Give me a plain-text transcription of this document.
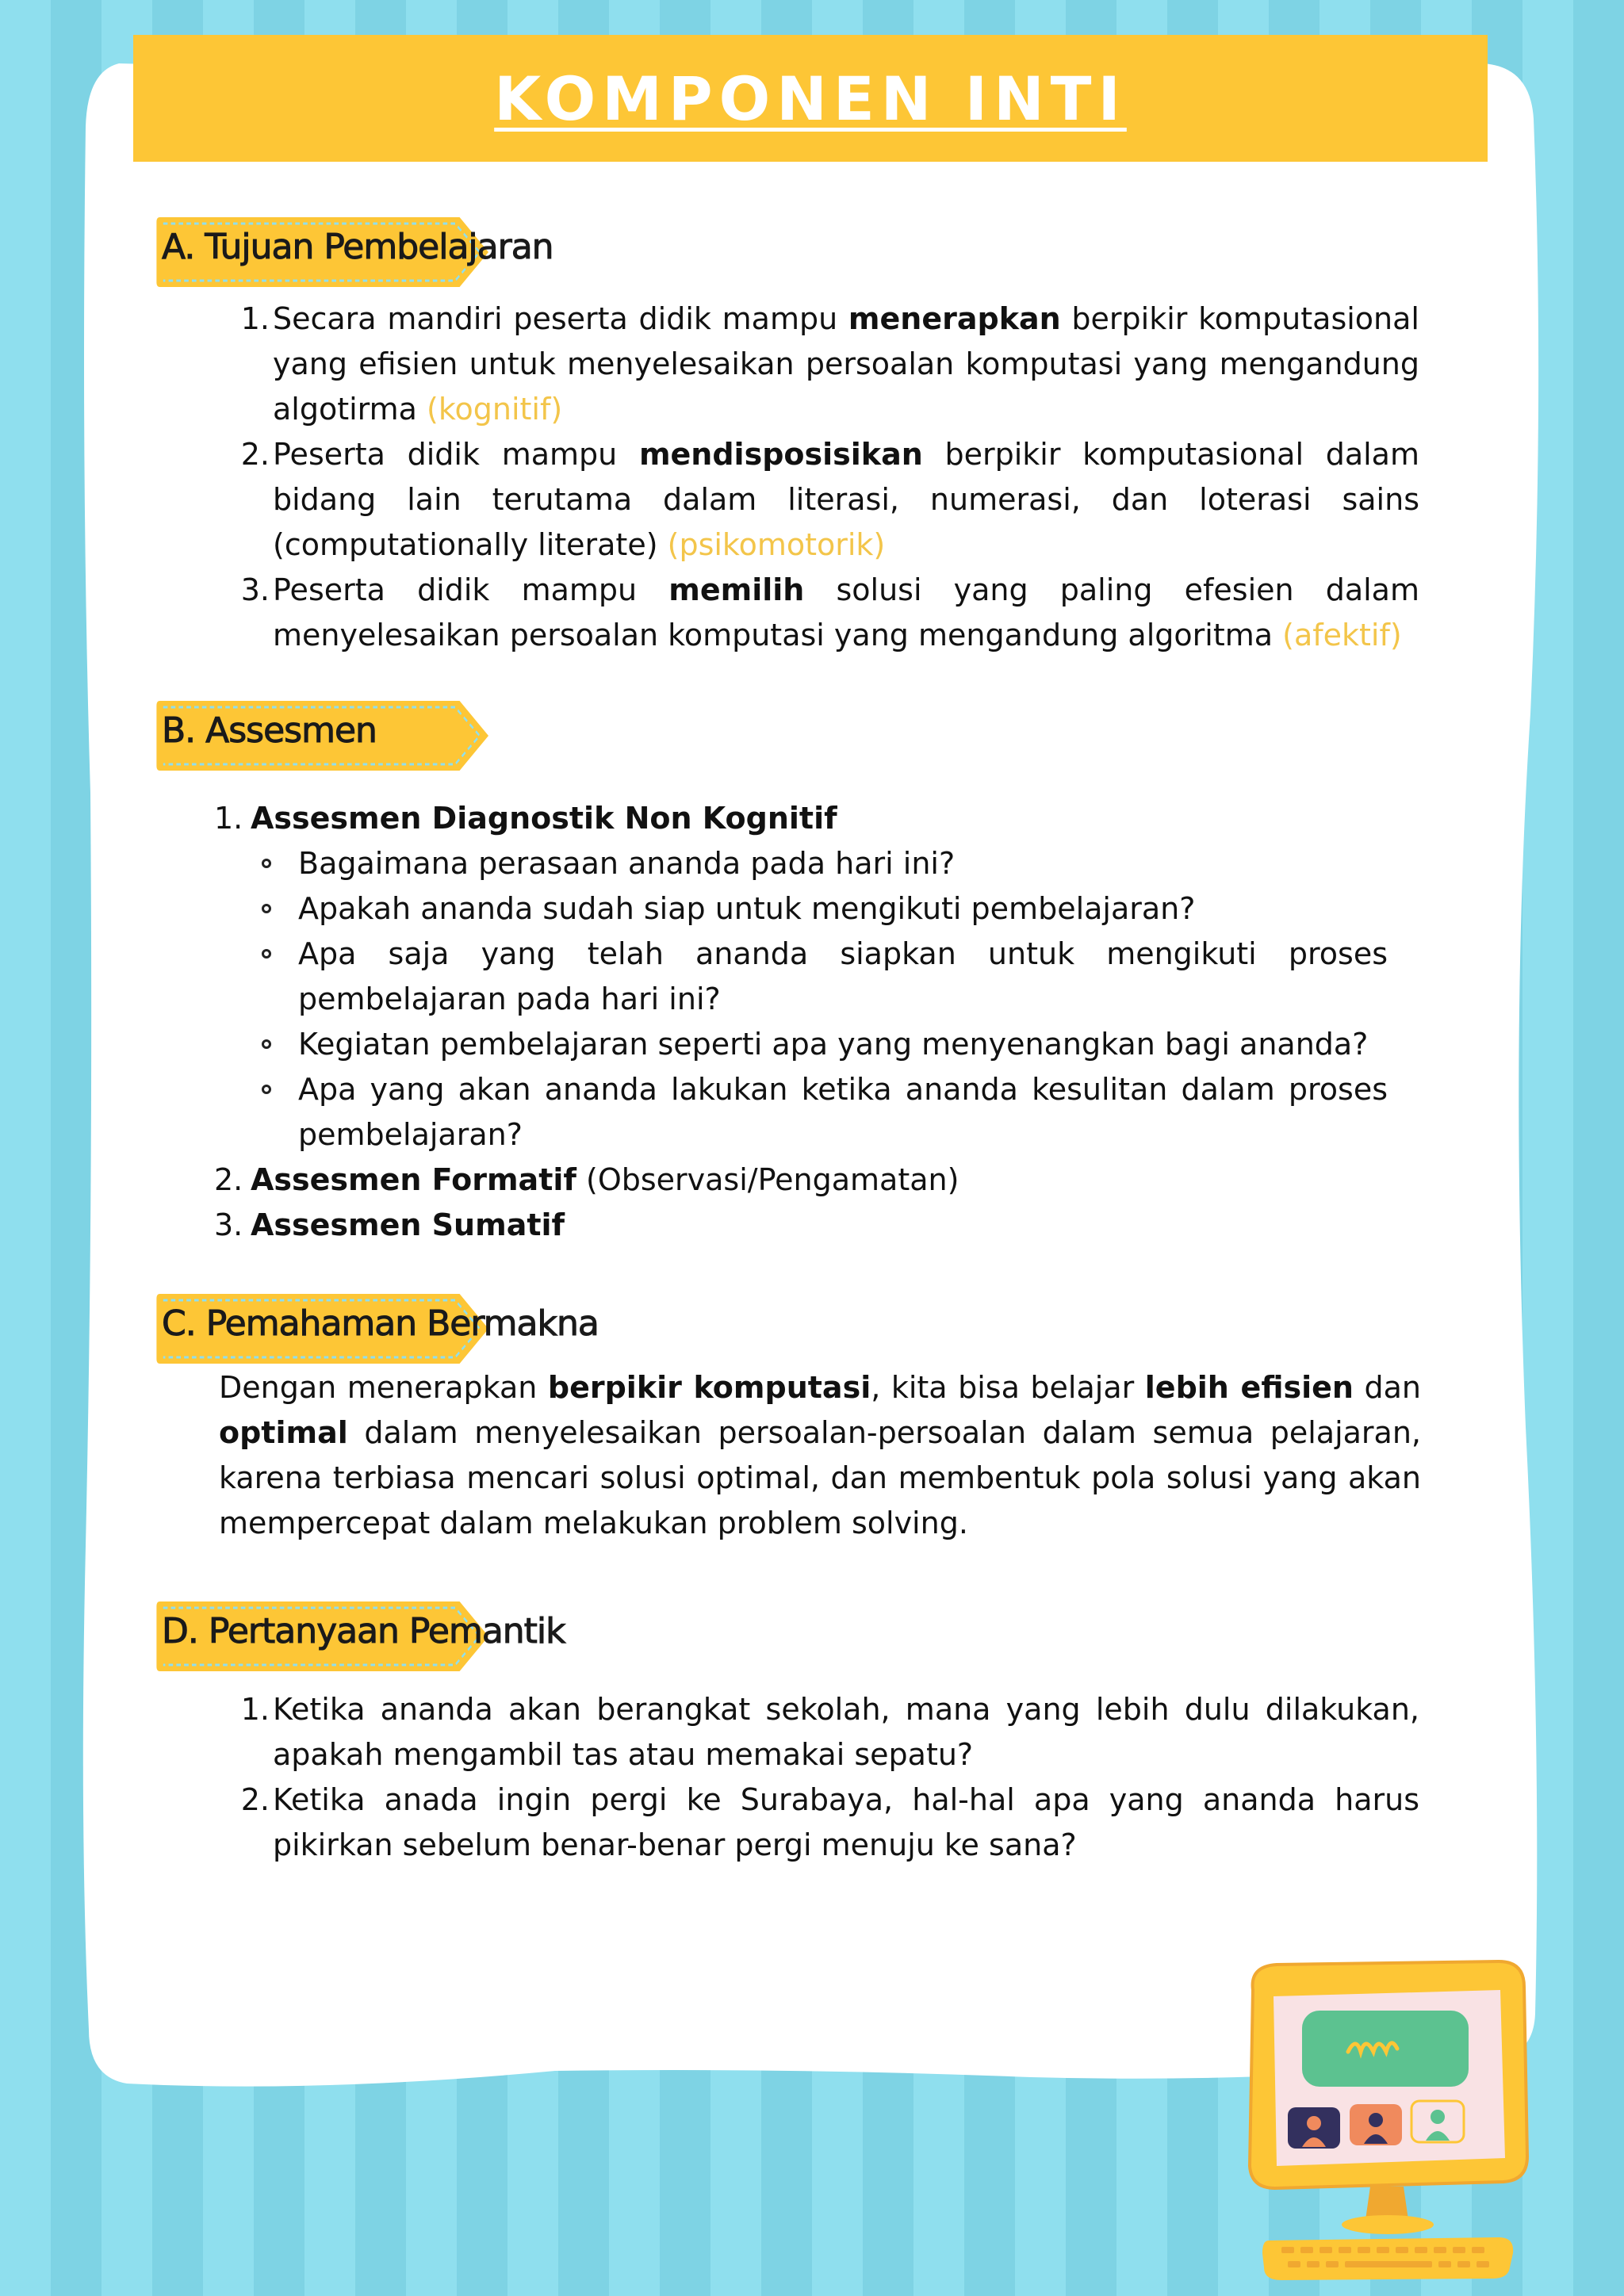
KOMPONEN INTI
A. Tujuan Pembelajaran
1. Secara mandiri peserta didik mampu menerapkan berpikir komputasional yang efisien untuk menyelesaikan persoalan komputasi yang mengandung algotirma (kognitif)
2. Peserta didik mampu mendisposisikan berpikir komputasional dalam bidang lain terutama dalam literasi, numerasi, dan loterasi sains (computationally literate) (psikomotorik)
3. Peserta didik mampu memilih solusi yang paling efesien dalam menyelesaikan persoalan komputasi yang mengandung algoritma (afektif)
B. Assesmen
1. Assesmen Diagnostik Non Kognitif
Bagaimana perasaan ananda pada hari ini?
Apakah ananda sudah siap untuk mengikuti pembelajaran?
Apa saja yang telah ananda siapkan untuk mengikuti proses pembelajaran pada hari ini?
Kegiatan pembelajaran seperti apa yang menyenangkan bagi ananda?
Apa yang akan ananda lakukan ketika ananda kesulitan dalam proses pembelajaran?
2. Assesmen Formatif (Observasi/Pengamatan)
3. Assesmen Sumatif
C. Pemahaman Bermakna
Dengan menerapkan berpikir komputasi, kita bisa belajar lebih efisien dan optimal dalam menyelesaikan persoalan-persoalan dalam semua pelajaran, karena terbiasa mencari solusi optimal, dan membentuk pola solusi yang akan mempercepat dalam melakukan problem solving.
D. Pertanyaan Pemantik
1. Ketika ananda akan berangkat sekolah, mana yang lebih dulu dilakukan, apakah mengambil tas atau memakai sepatu?
2. Ketika anada ingin pergi ke Surabaya, hal-hal apa yang ananda harus pikirkan sebelum benar-benar pergi menuju ke sana?
